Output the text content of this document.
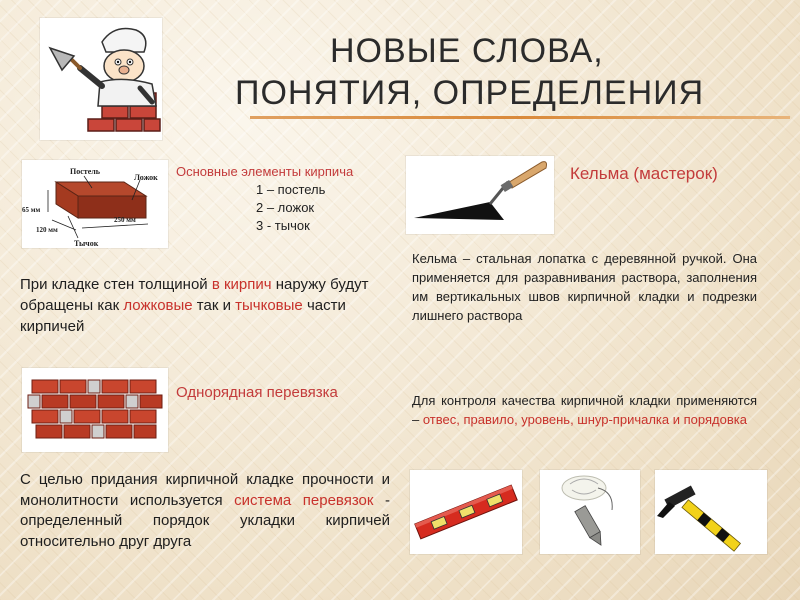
НОВЫЕ СЛОВА,
ПОНЯТИЯ, ОПРЕДЕЛЕНИЯ
Постель
Ложок
Тычок
65 мм
120 мм
250 мм
Основные элементы кирпича
1 – постель
2 – ложок
3 - тычок
При кладке стен толщиной в кирпич наружу будут обращены как ложковые так и тычковые части кирпичей
Однорядная перевязка
С целью придания кирпичной кладке прочности и монолитности используется система перевязок - определенный порядок укладки кирпичей относительно друг друга
Кельма (мастерок)
Кельма – стальная лопатка с деревянной ручкой. Она применяется для разравнивания раствора, заполнения им вертикальных швов кирпичной кладки и подрезки лишнего раствора
Для контроля качества кирпичной кладки применяются – отвес, правило, уровень, шнур-причалка и порядовка
